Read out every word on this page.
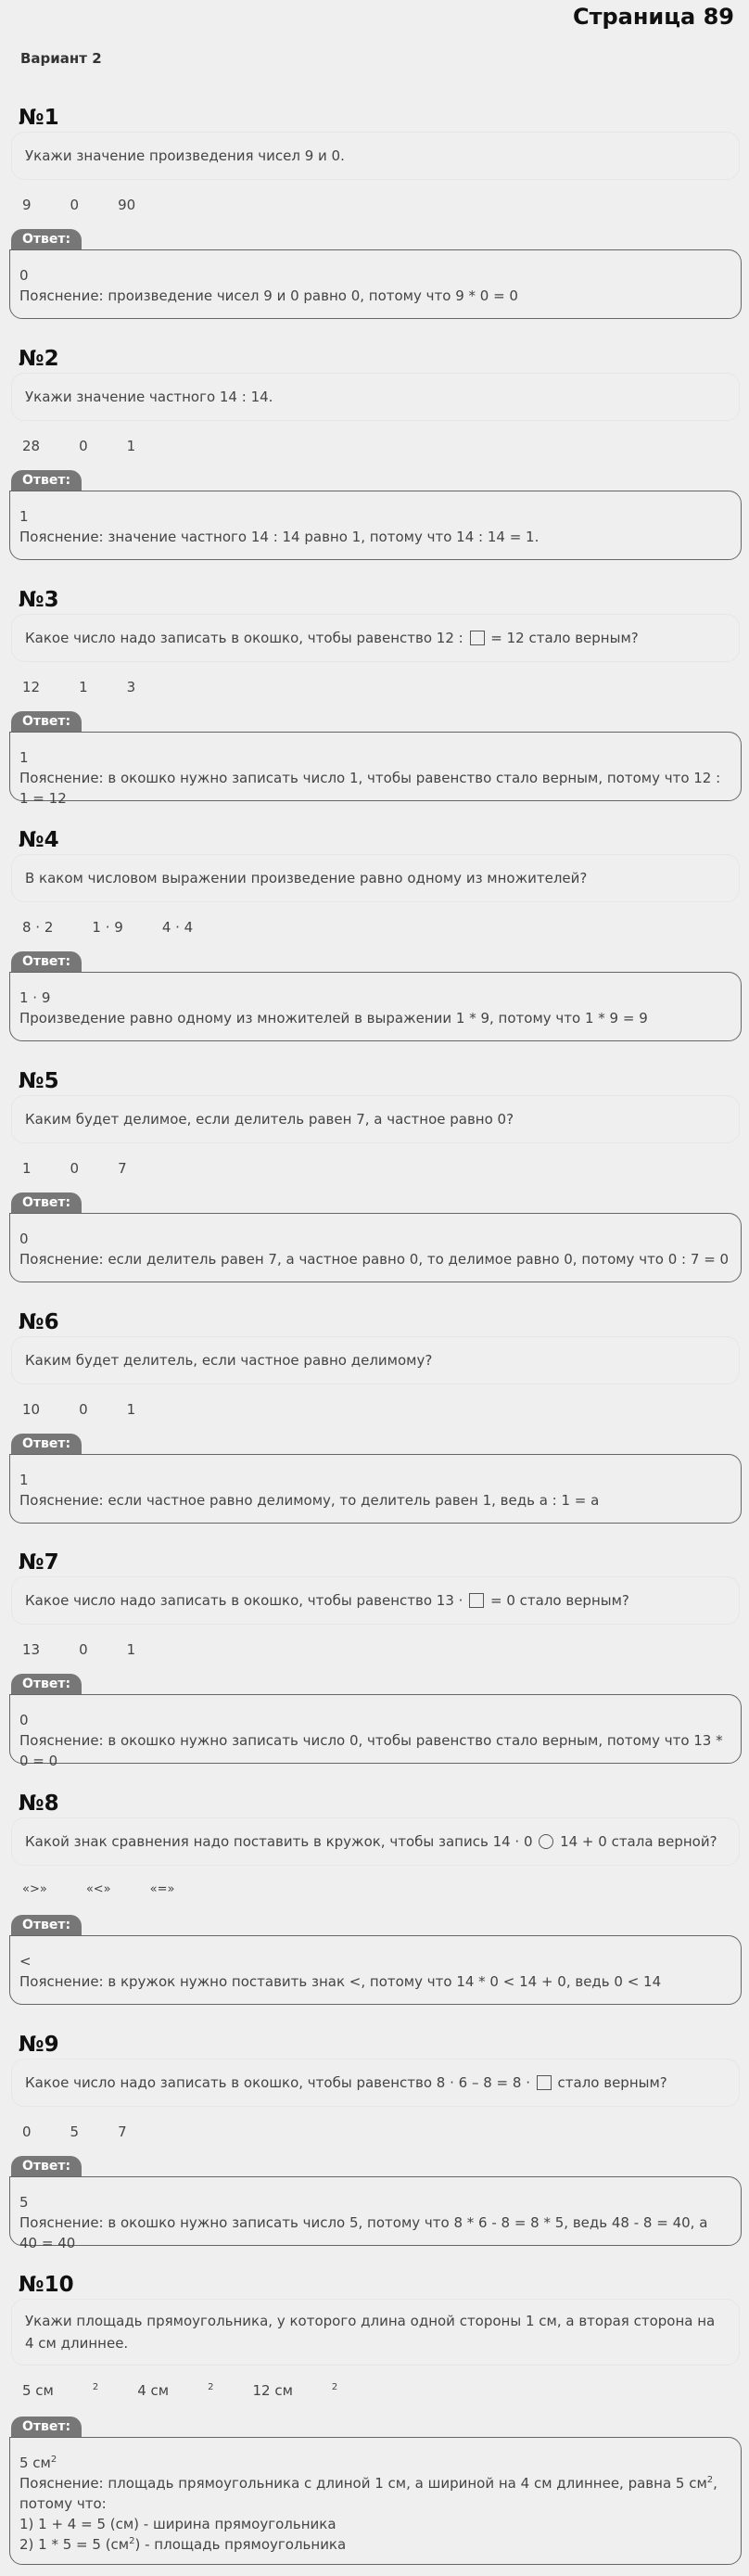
Страница 89
Вариант 2
№1
Укажи значение произведения чисел 9 и 0.
9	0	90
Ответ:
0
Пояснение: произведение чисел 9 и 0 равно 0, потому что 9 * 0 = 0
№2
Укажи значение частного 14 : 14.
28	0	1
Ответ:
1
Пояснение: значение частного 14 : 14 равно 1, потому что 14 : 14 = 1.
№3
Какое число надо записать в окошко, чтобы равенство 12 : = 12 стало верным?
12	1	3
Ответ:
1
Пояснение: в окошко нужно записать число 1, чтобы равенство стало верным, потому что 12 : 1 = 12
№4
В каком числовом выражении произведение равно одному из множителей?
8 · 2	1 · 9	4 · 4
Ответ:
1 · 9
Произведение равно одному из множителей в выражении 1 * 9, потому что 1 * 9 = 9
№5
Каким будет делимое, если делитель равен 7, а частное равно 0?
1	0	7
Ответ:
0
Пояснение: если делитель равен 7, а частное равно 0, то делимое равно 0, потому что 0 : 7 = 0
№6
Каким будет делитель, если частное равно делимому?
10	0	1
Ответ:
1
Пояснение: если частное равно делимому, то делитель равен 1, ведь a : 1 = a
№7
Какое число надо записать в окошко, чтобы равенство 13 · = 0 стало верным?
13	0	1
Ответ:
0
Пояснение: в окошко нужно записать число 0, чтобы равенство стало верным, потому что 13 * 0 = 0
№8
Какой знак сравнения надо поставить в кружок, чтобы запись 14 · 0 14 + 0 стала верной?
«>»	«<»	«=»
Ответ:
<
Пояснение: в кружок нужно поставить знак <, потому что 14 * 0 < 14 + 0, ведь 0 < 14
№9
Какое число надо записать в окошко, чтобы равенство 8 · 6 – 8 = 8 · стало верным?
0	5	7
Ответ:
5
Пояснение: в окошко нужно записать число 5, потому что 8 * 6 - 8 = 8 * 5, ведь 48 - 8 = 40, а 40 = 40
№10
Укажи площадь прямоугольника, у которого длина одной стороны 1 см, а вторая сторона на 4 см длиннее.
5 см	$^2$	4 см	$^2$	12 см	$^2$
Ответ:
5 $см^2$
Пояснение: площадь прямоугольника с длиной 1 см, а шириной на 4 см длиннее, равна 5 $см^2$, потому что:
1) 1 + 4 = 5 (см) - ширина прямоугольника
2) 1 * 5 = 5 $(см^2)$ - площадь прямоугольника
